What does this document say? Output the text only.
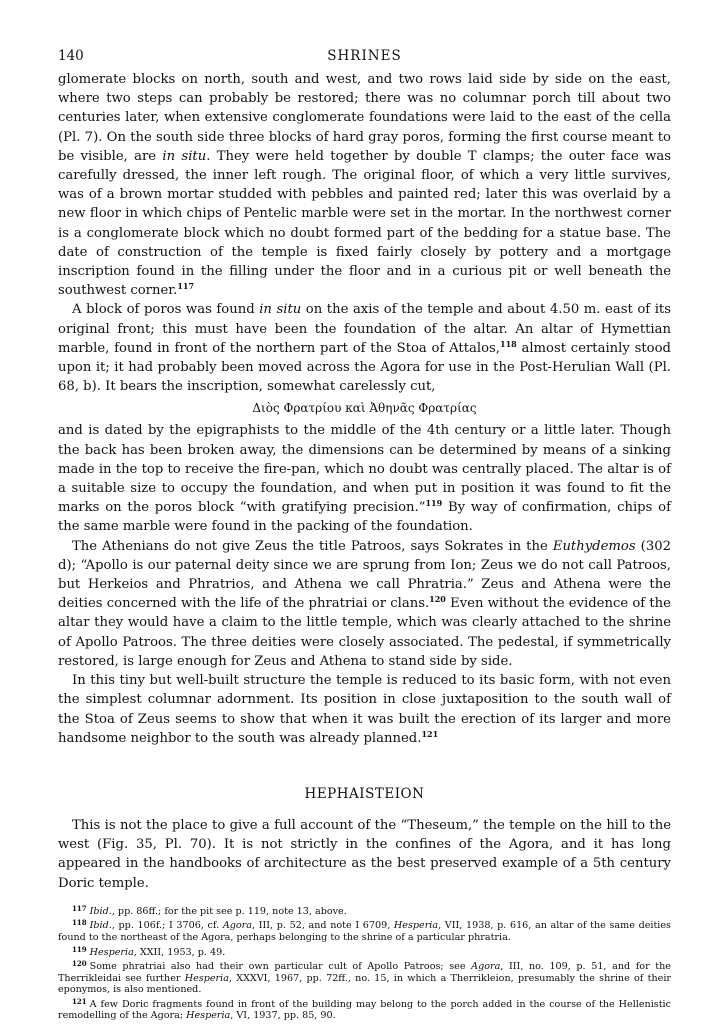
140	SHRINES

glomerate blocks on north, south and west, and two rows laid side by side on the east, where two steps can probably be restored; there was no columnar porch till about two centuries later, when extensive conglomerate foundations were laid to the east of the cella (Pl. 7). On the south side three blocks of hard gray poros, forming the first course meant to be visible, are in situ. They were held together by double T clamps; the outer face was carefully dressed, the inner left rough. The original floor, of which a very little survives, was of a brown mortar studded with pebbles and painted red; later this was overlaid by a new floor in which chips of Pentelic marble were set in the mortar. In the northwest corner is a conglomerate block which no doubt formed part of the bedding for a statue base. The date of construction of the temple is fixed fairly closely by pottery and a mortgage inscription found in the filling under the floor and in a curious pit or well beneath the southwest corner.$^{117}$

A block of poros was found in situ on the axis of the temple and about 4.50 m. east of its original front; this must have been the foundation of the altar. An altar of Hymettian marble, found in front of the northern part of the Stoa of Attalos,$^{118}$ almost certainly stood upon it; it had probably been moved across the Agora for use in the Post-Herulian Wall (Pl. 68, b). It bears the inscription, somewhat carelessly cut,

Διὸς Φρατρίου καὶ Ἀθηνᾶς Φρατρίας

and is dated by the epigraphists to the middle of the 4th century or a little later. Though the back has been broken away, the dimensions can be determined by means of a sinking made in the top to receive the fire-pan, which no doubt was centrally placed. The altar is of a suitable size to occupy the foundation, and when put in position it was found to fit the marks on the poros block “with gratifying precision.”$^{119}$ By way of confirmation, chips of the same marble were found in the packing of the foundation.

The Athenians do not give Zeus the title Patroos, says Sokrates in the Euthydemos (302 d); “Apollo is our paternal deity since we are sprung from Ion; Zeus we do not call Patroos, but Herkeios and Phratrios, and Athena we call Phratria.” Zeus and Athena were the deities concerned with the life of the phratriai or clans.$^{120}$ Even without the evidence of the altar they would have a claim to the little temple, which was clearly attached to the shrine of Apollo Patroos. The three deities were closely associated. The pedestal, if symmetrically restored, is large enough for Zeus and Athena to stand side by side.

In this tiny but well-built structure the temple is reduced to its basic form, with not even the simplest columnar adornment. Its position in close juxtaposition to the south wall of the Stoa of Zeus seems to show that when it was built the erection of its larger and more handsome neighbor to the south was already planned.$^{121}$

HEPHAISTEION

This is not the place to give a full account of the “Theseum,” the temple on the hill to the west (Fig. 35, Pl. 70). It is not strictly in the confines of the Agora, and it has long appeared in the handbooks of architecture as the best preserved example of a 5th century Doric temple.

$^{117}$ Ibid., pp. 86ff.; for the pit see p. 119, note 13, above.

$^{118}$ Ibid., pp. 106f.; I 3706, cf. Agora, III, p. 52, and note I 6709, Hesperia, VII, 1938, p. 616, an altar of the same deities found to the northeast of the Agora, perhaps belonging to the shrine of a particular phratria.

$^{119}$ Hesperia, XXII, 1953, p. 49.

$^{120}$ Some phratriai also had their own particular cult of Apollo Patroos; see Agora, III, no. 109, p. 51, and for the Therrikleidai see further Hesperia, XXXVI, 1967, pp. 72ff., no. 15, in which a Therrikleion, presumably the shrine of their eponymos, is also mentioned.

$^{121}$ A few Doric fragments found in front of the building may belong to the porch added in the course of the Hellenistic remodelling of the Agora; Hesperia, VI, 1937, pp. 85, 90.
